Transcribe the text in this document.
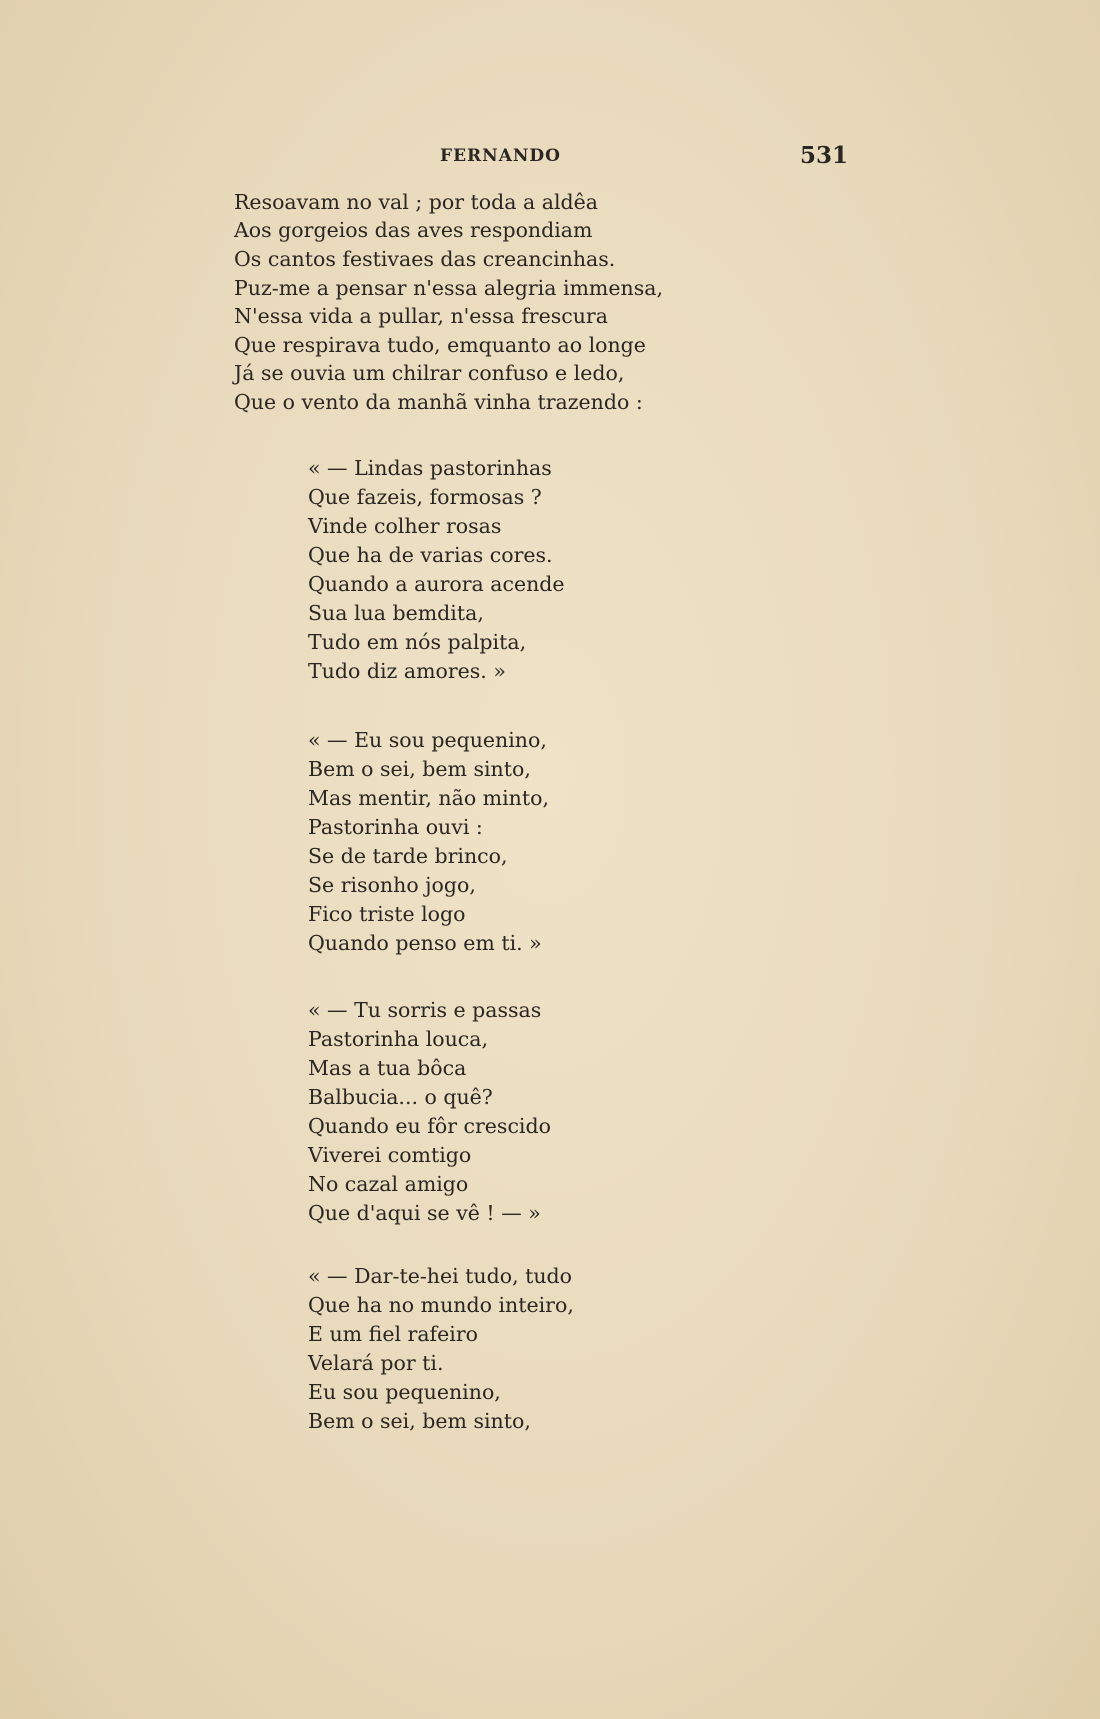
FERNANDO	531
Resoavam no val ; por toda a aldêa
Aos gorgeios das aves respondiam
Os cantos festivaes das creancinhas.
Puz-me a pensar n'essa alegria immensa,
N'essa vida a pullar, n'essa frescura
Que respirava tudo, emquanto ao longe
Já se ouvia um chilrar confuso e ledo,
Que o vento da manhã vinha trazendo :
« — Lindas pastorinhas
Que fazeis, formosas ?
Vinde colher rosas
Que ha de varias cores.
Quando a aurora acende
Sua lua bemdita,
Tudo em nós palpita,
Tudo diz amores. »
« — Eu sou pequenino,
Bem o sei, bem sinto,
Mas mentir, não minto,
Pastorinha ouvi :
Se de tarde brinco,
Se risonho jogo,
Fico triste logo
Quando penso em ti. »
« — Tu sorris e passas
Pastorinha louca,
Mas a tua bôca
Balbucia... o quê?
Quando eu fôr crescido
Viverei comtigo
No cazal amigo
Que d'aqui se vê ! — »
« — Dar-te-hei tudo, tudo
Que ha no mundo inteiro,
E um fiel rafeiro
Velará por ti.
Eu sou pequenino,
Bem o sei, bem sinto,
